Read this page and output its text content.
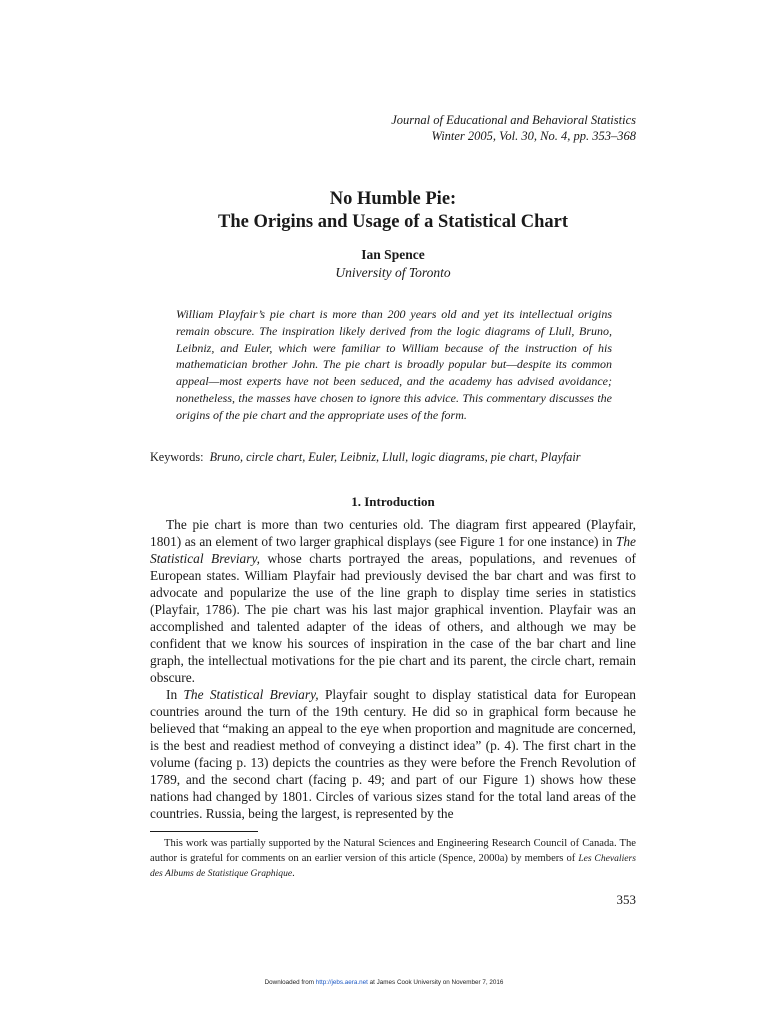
Journal of Educational and Behavioral Statistics
Winter 2005, Vol. 30, No. 4, pp. 353–368
No Humble Pie:
The Origins and Usage of a Statistical Chart
Ian Spence
University of Toronto
William Playfair’s pie chart is more than 200 years old and yet its intellectual origins remain obscure. The inspiration likely derived from the logic diagrams of Llull, Bruno, Leibniz, and Euler, which were familiar to William because of the instruction of his mathematician brother John. The pie chart is broadly popular but—despite its common appeal—most experts have not been seduced, and the academy has advised avoidance; nonetheless, the masses have chosen to ignore this advice. This commentary discusses the origins of the pie chart and the appropriate uses of the form.
Keywords: Bruno, circle chart, Euler, Leibniz, Llull, logic diagrams, pie chart, Playfair
1. Introduction

The pie chart is more than two centuries old. The diagram first appeared (Playfair, 1801) as an element of two larger graphical displays (see Figure 1 for one instance) in The Statistical Breviary, whose charts portrayed the areas, populations, and revenues of European states. William Playfair had previously devised the bar chart and was first to advocate and popularize the use of the line graph to display time series in statistics (Playfair, 1786). The pie chart was his last major graphical invention. Playfair was an accomplished and talented adapter of the ideas of others, and although we may be confident that we know his sources of inspiration in the case of the bar chart and line graph, the intellectual motivations for the pie chart and its parent, the circle chart, remain obscure.

In The Statistical Breviary, Playfair sought to display statistical data for European countries around the turn of the 19th century. He did so in graphical form because he believed that “making an appeal to the eye when proportion and magnitude are concerned, is the best and readiest method of conveying a distinct idea” (p. 4). The first chart in the volume (facing p. 13) depicts the countries as they were before the French Revolution of 1789, and the second chart (facing p. 49; and part of our Figure 1) shows how these nations had changed by 1801. Circles of various sizes stand for the total land areas of the countries. Russia, being the largest, is represented by the

This work was partially supported by the Natural Sciences and Engineering Research Council of Canada. The author is grateful for comments on an earlier version of this article (Spence, 2000a) by members of Les Chevaliers des Albums de Statistique Graphique.

353
Downloaded from http://jebs.aera.net at James Cook University on November 7, 2016
